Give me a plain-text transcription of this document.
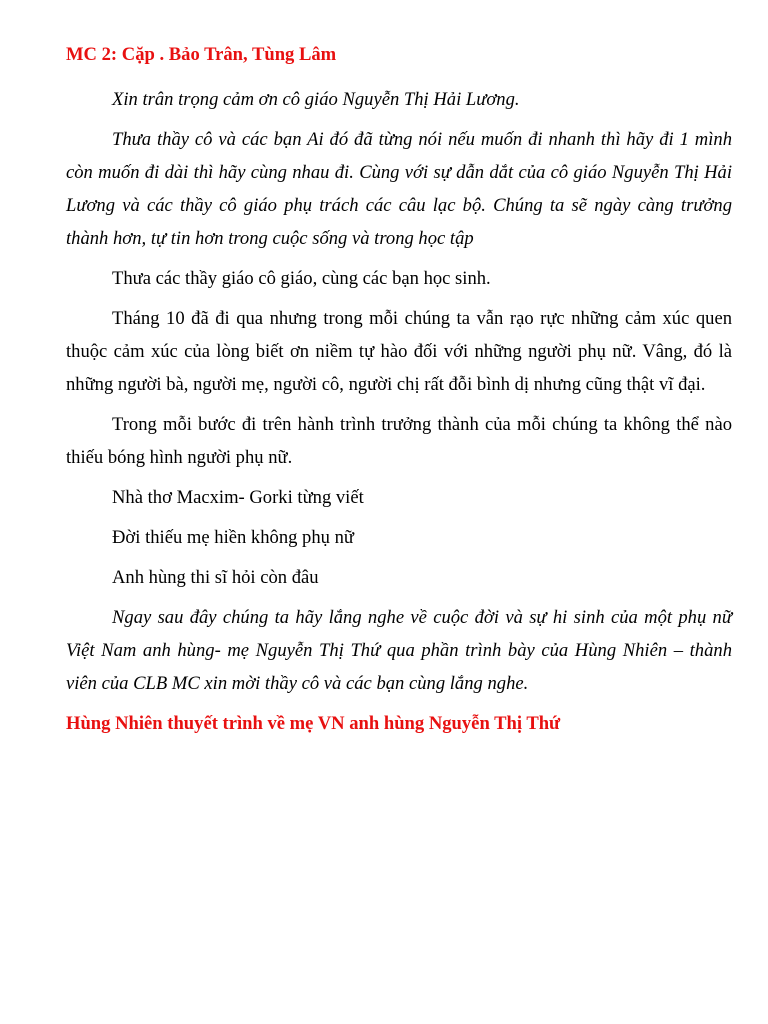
MC 2: Cặp . Bảo Trân, Tùng Lâm

Xin trân trọng cảm ơn cô giáo Nguyễn Thị Hải Lương.

Thưa thầy cô và các bạn Ai đó đã từng nói nếu muốn đi nhanh thì hãy đi 1 mình còn muốn đi dài thì hãy cùng nhau đi. Cùng với sự dẫn dắt của cô giáo Nguyễn Thị Hải Lương và các thầy cô giáo phụ trách các câu lạc bộ. Chúng ta sẽ ngày càng trưởng thành hơn, tự tin hơn trong cuộc sống và trong học tập

Thưa các thầy giáo cô giáo, cùng các bạn học sinh.

Tháng 10 đã đi qua nhưng trong mỗi chúng ta vẫn rạo rực những cảm xúc quen thuộc cảm xúc của lòng biết ơn niềm tự hào đối với những người phụ nữ. Vâng, đó là những người bà, người mẹ, người cô, người chị rất đỗi bình dị nhưng cũng thật vĩ đại.

Trong mỗi bước đi trên hành trình trưởng thành của mỗi chúng ta không thể nào thiếu bóng hình người phụ nữ.

Nhà thơ Macxim- Gorki từng viết

Đời thiếu mẹ hiền không phụ nữ

Anh hùng thi sĩ hỏi còn đâu

Ngay sau đây chúng ta hãy lắng nghe về cuộc đời và sự hi sinh của một phụ nữ Việt Nam anh hùng- mẹ Nguyễn Thị Thứ qua phần trình bày của Hùng Nhiên – thành viên của CLB MC xin mời thầy cô và các bạn cùng lắng nghe.

Hùng Nhiên thuyết trình về mẹ VN anh hùng Nguyễn Thị Thứ
